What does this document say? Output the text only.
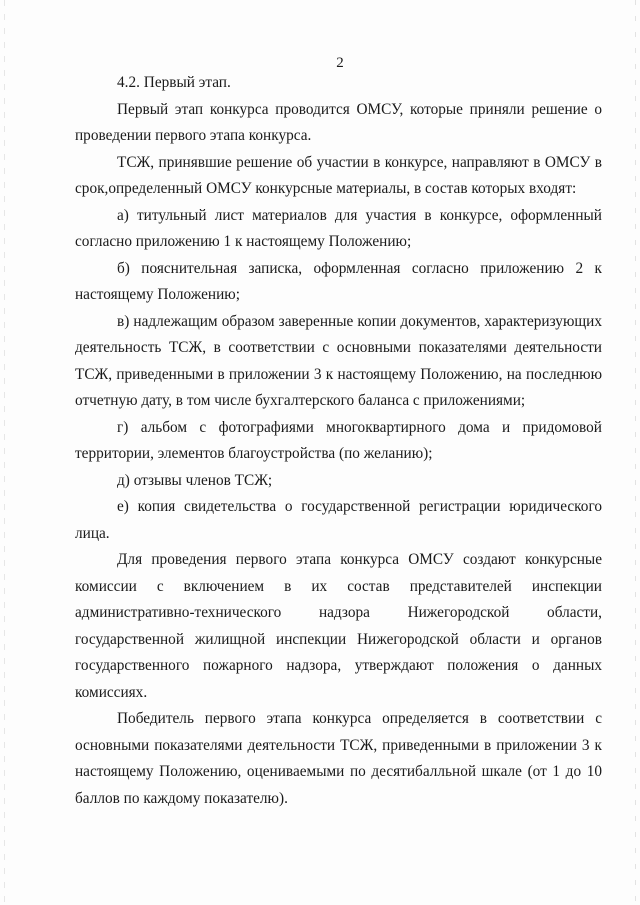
2

4.2. Первый этап.

Первый этап конкурса проводится ОМСУ, которые приняли решение о проведении первого этапа конкурса.

ТСЖ, принявшие решение об участии в конкурсе, направляют в ОМСУ в срок,определенный ОМСУ конкурсные материалы, в состав которых входят:

а) титульный лист материалов для участия в конкурсе, оформленный согласно приложению 1 к настоящему Положению;

б) пояснительная записка, оформленная согласно приложению 2 к настоящему Положению;

в) надлежащим образом заверенные копии документов, характеризующих деятельность ТСЖ, в соответствии с основными показателями деятельности ТСЖ, приведенными в приложении 3 к настоящему Положению, на последнюю отчетную дату, в том числе бухгалтерского баланса с приложениями;

г) альбом с фотографиями многоквартирного дома и придомовой территории, элементов благоустройства (по желанию);

д) отзывы членов ТСЖ;

е) копия свидетельства о государственной регистрации юридического лица.

Для проведения первого этапа конкурса ОМСУ создают конкурсные комиссии с включением в их состав представителей инспекции административно-технического надзора Нижегородской области, государственной жилищной инспекции Нижегородской области и органов государственного пожарного надзора, утверждают положения о данных комиссиях.

Победитель первого этапа конкурса определяется в соответствии с основными показателями деятельности ТСЖ, приведенными в приложении 3 к настоящему Положению, оцениваемыми по десятибалльной шкале (от 1 до 10 баллов по каждому показателю).
